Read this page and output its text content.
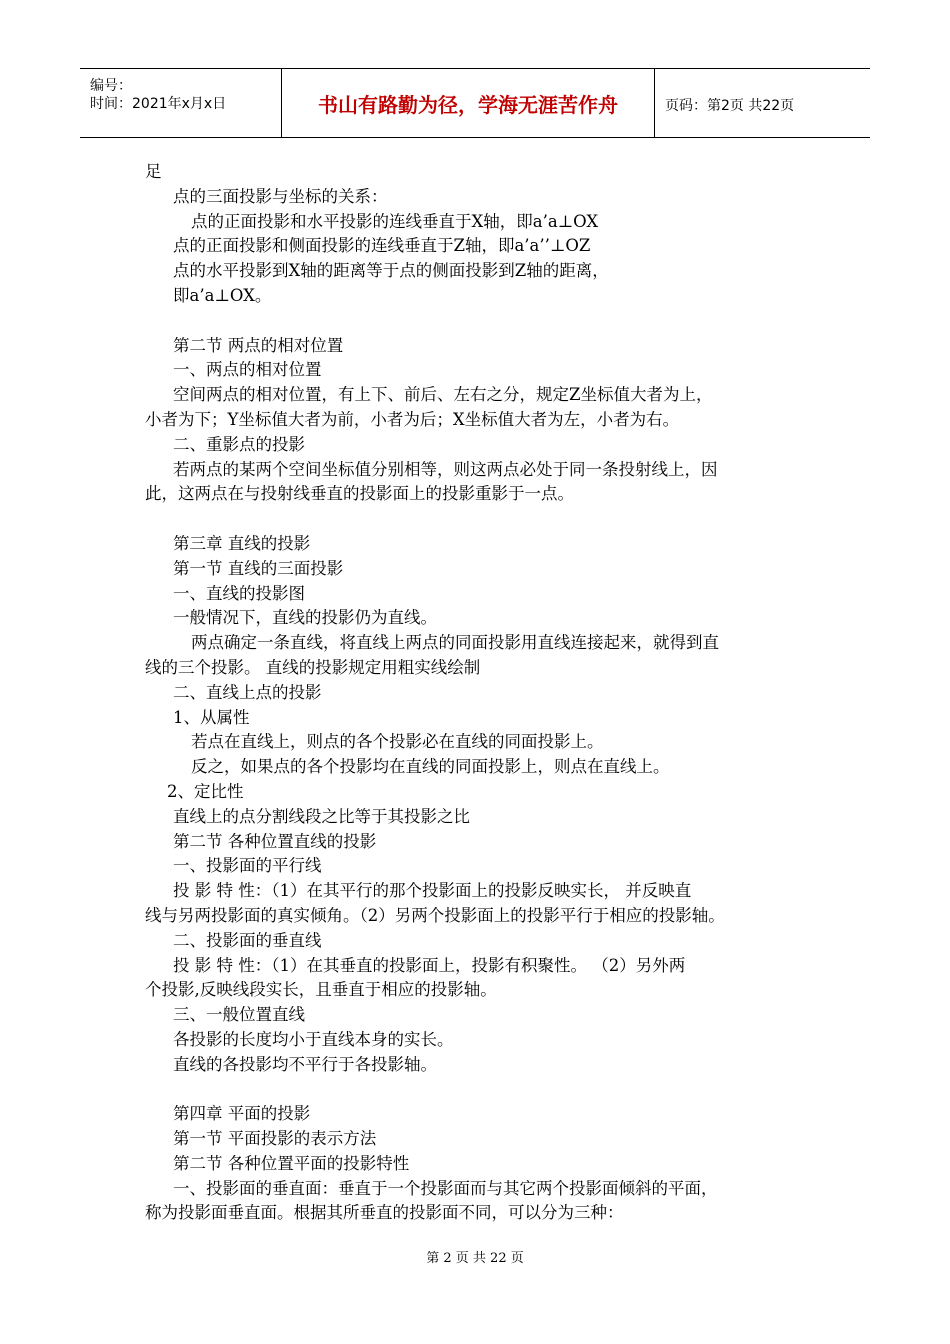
编号：
时间：2021年x月x日	书山有路勤为径，学海无涯苦作舟	页码：第2页 共22页

足

点的三面投影与坐标的关系：

点的正面投影和水平投影的连线垂直于X轴，即a’a⊥OX

点的正面投影和侧面投影的连线垂直于Z轴，即a’a’’⊥OZ

点的水平投影到X轴的距离等于点的侧面投影到Z轴的距离，

即a’a⊥OX。

第二节 两点的相对位置

一、两点的相对位置

空间两点的相对位置，有上下、前后、左右之分，规定Z坐标值大者为上，

小者为下；Y坐标值大者为前，小者为后；X坐标值大者为左，小者为右。

二、重影点的投影

若两点的某两个空间坐标值分别相等，则这两点必处于同一条投射线上，因

此，这两点在与投射线垂直的投影面上的投影重影于一点。

第三章 直线的投影

第一节 直线的三面投影

一、直线的投影图

一般情况下，直线的投影仍为直线。

两点确定一条直线，将直线上两点的同面投影用直线连接起来，就得到直

线的三个投影。 直线的投影规定用粗实线绘制

二、直线上点的投影

1、从属性

若点在直线上，则点的各个投影必在直线的同面投影上。

反之，如果点的各个投影均在直线的同面投影上，则点在直线上。

2、定比性

直线上的点分割线段之比等于其投影之比

第二节 各种位置直线的投影

一、投影面的平行线

投 影 特 性：（1）在其平行的那个投影面上的投影反映实长， 并反映直

线与另两投影面的真实倾角。（2）另两个投影面上的投影平行于相应的投影轴。

二、投影面的垂直线

投 影 特 性：（1）在其垂直的投影面上，投影有积聚性。 （2）另外两

个投影,反映线段实长，且垂直于相应的投影轴。

三、一般位置直线

各投影的长度均小于直线本身的实长。

直线的各投影均不平行于各投影轴。

第四章 平面的投影

第一节 平面投影的表示方法

第二节 各种位置平面的投影特性

一、投影面的垂直面：垂直于一个投影面而与其它两个投影面倾斜的平面，

称为投影面垂直面。根据其所垂直的投影面不同，可以分为三种：

第 2 页 共 22 页
